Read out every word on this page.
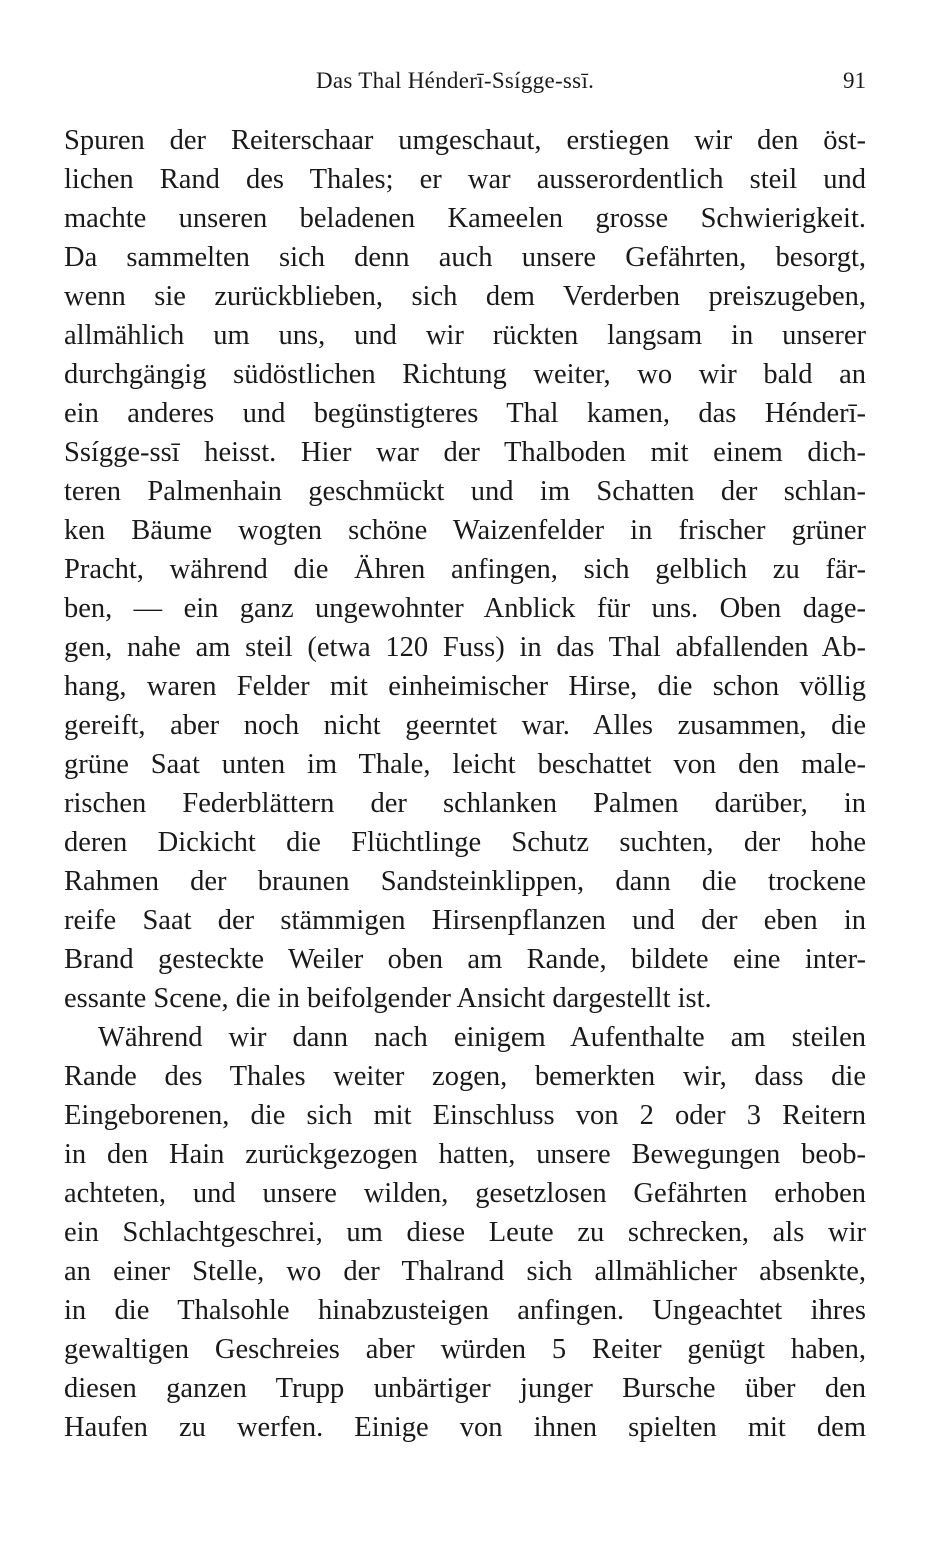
Das Thal Hénderī-Ssígge-ssī.	91
Spuren der Reiterschaar umgeschaut, erstiegen wir den öst-
lichen Rand des Thales; er war ausserordentlich steil und
machte unseren beladenen Kameelen grosse Schwierigkeit.
Da sammelten sich denn auch unsere Gefährten, besorgt,
wenn sie zurückblieben, sich dem Verderben preiszugeben,
allmählich um uns, und wir rückten langsam in unserer
durchgängig südöstlichen Richtung weiter, wo wir bald an
ein anderes und begünstigteres Thal kamen, das Hénderī-
Ssígge-ssī heisst. Hier war der Thalboden mit einem dich-
teren Palmenhain geschmückt und im Schatten der schlan-
ken Bäume wogten schöne Waizenfelder in frischer grüner
Pracht, während die Ähren anfingen, sich gelblich zu fär-
ben, — ein ganz ungewohnter Anblick für uns. Oben dage-
gen, nahe am steil (etwa 120 Fuss) in das Thal abfallenden Ab-
hang, waren Felder mit einheimischer Hirse, die schon völlig
gereift, aber noch nicht geerntet war. Alles zusammen, die
grüne Saat unten im Thale, leicht beschattet von den male-
rischen Federblättern der schlanken Palmen darüber, in
deren Dickicht die Flüchtlinge Schutz suchten, der hohe
Rahmen der braunen Sandsteinklippen, dann die trockene
reife Saat der stämmigen Hirsenpflanzen und der eben in
Brand gesteckte Weiler oben am Rande, bildete eine inter-
essante Scene, die in beifolgender Ansicht dargestellt ist.
Während wir dann nach einigem Aufenthalte am steilen
Rande des Thales weiter zogen, bemerkten wir, dass die
Eingeborenen, die sich mit Einschluss von 2 oder 3 Reitern
in den Hain zurückgezogen hatten, unsere Bewegungen beob-
achteten, und unsere wilden, gesetzlosen Gefährten erhoben
ein Schlachtgeschrei, um diese Leute zu schrecken, als wir
an einer Stelle, wo der Thalrand sich allmählicher absenkte,
in die Thalsohle hinabzusteigen anfingen. Ungeachtet ihres
gewaltigen Geschreies aber würden 5 Reiter genügt haben,
diesen ganzen Trupp unbärtiger junger Bursche über den
Haufen zu werfen. Einige von ihnen spielten mit dem
